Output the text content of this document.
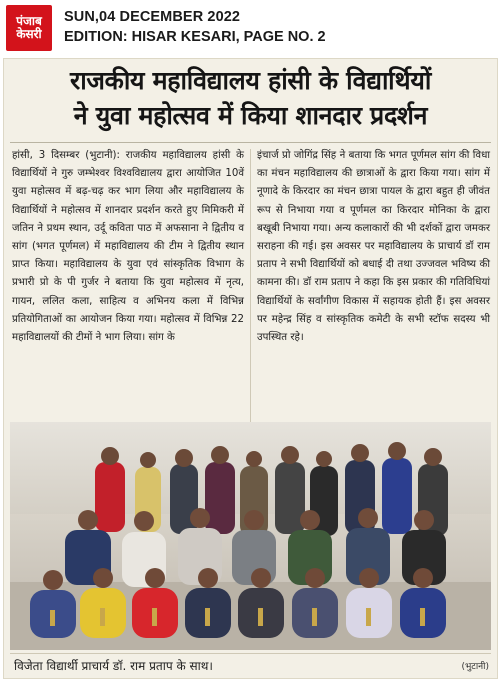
पंजाब
केसरी
SUN,04 DECEMBER 2022
EDITION: HISAR KESARI, PAGE NO. 2
राजकीय महाविद्यालय हांसी के विद्यार्थियों
ने युवा महोत्सव में किया शानदार प्रदर्शन
हांसी, 3 दिसम्बर (भुटानी): राजकीय महाविद्यालय हांसी के विद्यार्थियों ने गुरु जम्भेश्वर विश्वविद्यालय द्वारा आयोजित 10वें युवा महोत्सव में बढ़-चढ़ कर भाग लिया और महाविद्यालय के विद्यार्थियों ने महोत्सव में शानदार प्रदर्शन करते हुए मिमिकरी में जतिन ने प्रथम स्थान, उर्दू कविता पाठ में अफसाना ने द्वितीय व सांग (भगत पूर्णमल) में महाविद्यालय की टीम ने द्वितीय स्थान प्राप्त किया। महाविद्यालय के युवा एवं सांस्कृतिक विभाग के प्रभारी प्रो के पी गुर्जर ने बताया कि युवा महोत्सव में नृत्य, गायन, ललित कला, साहित्य व अभिनय कला में विभिन्न प्रतियोगिताओं का आयोजन किया गया। महोत्सव में विभिन्न 22 महाविद्यालयों की टीमों ने भाग लिया। सांग के
इंचार्ज प्रो जोगिंद्र सिंह ने बताया कि भगत पूर्णमल सांग की विधा का मंचन महाविद्यालय की छात्राओं के द्वारा किया गया। सांग में नूणादे के किरदार का मंचन छात्रा पायल के द्वारा बहुत ही जीवंत रूप से निभाया गया व पूर्णमल का किरदार मोनिका के द्वारा बखूबी निभाया गया। अन्य कलाकारों की भी दर्शकों द्वारा जमकर सराहना की गई। इस अवसर पर महाविद्यालय के प्राचार्य डॉ राम प्रताप ने सभी विद्यार्थियों को बधाई दी तथा उज्जवल भविष्य की कामना की। डॉ राम प्रताप ने कहा कि इस प्रकार की गतिविधियां विद्यार्थियों के सर्वांगीण विकास में सहायक होती हैं। इस अवसर पर महेन्द्र सिंह व सांस्कृतिक कमेटी के सभी स्टॉफ सदस्य भी उपस्थित रहे।
विजेता विद्यार्थी प्राचार्य डॉ. राम प्रताप के साथ।	(भुटानी)
